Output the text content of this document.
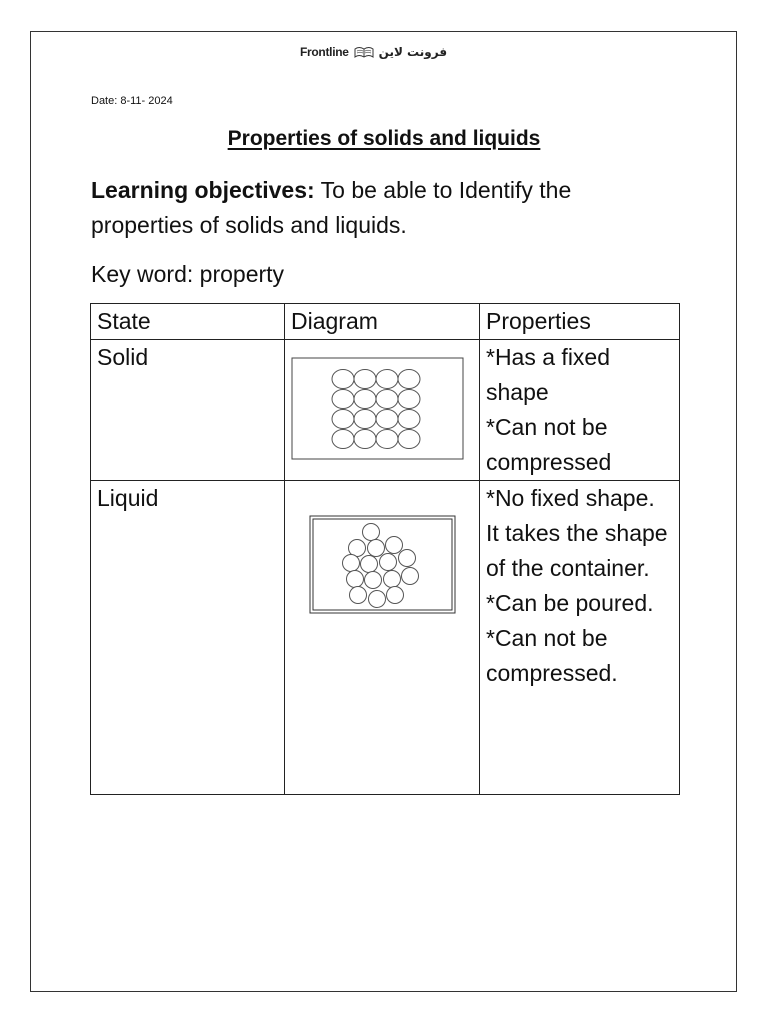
Frontline	فرونت لاين
Date: 8-11- 2024
Properties of solids and liquids
Learning objectives: To be able to Identify the properties of solids and liquids.
Key word: property
State	Diagram	Properties
Solid		*Has a fixed shape
*Can not be compressed

Liquid		*No fixed shape. It takes the shape of the container.
*Can be poured.
*Can not be compressed.
